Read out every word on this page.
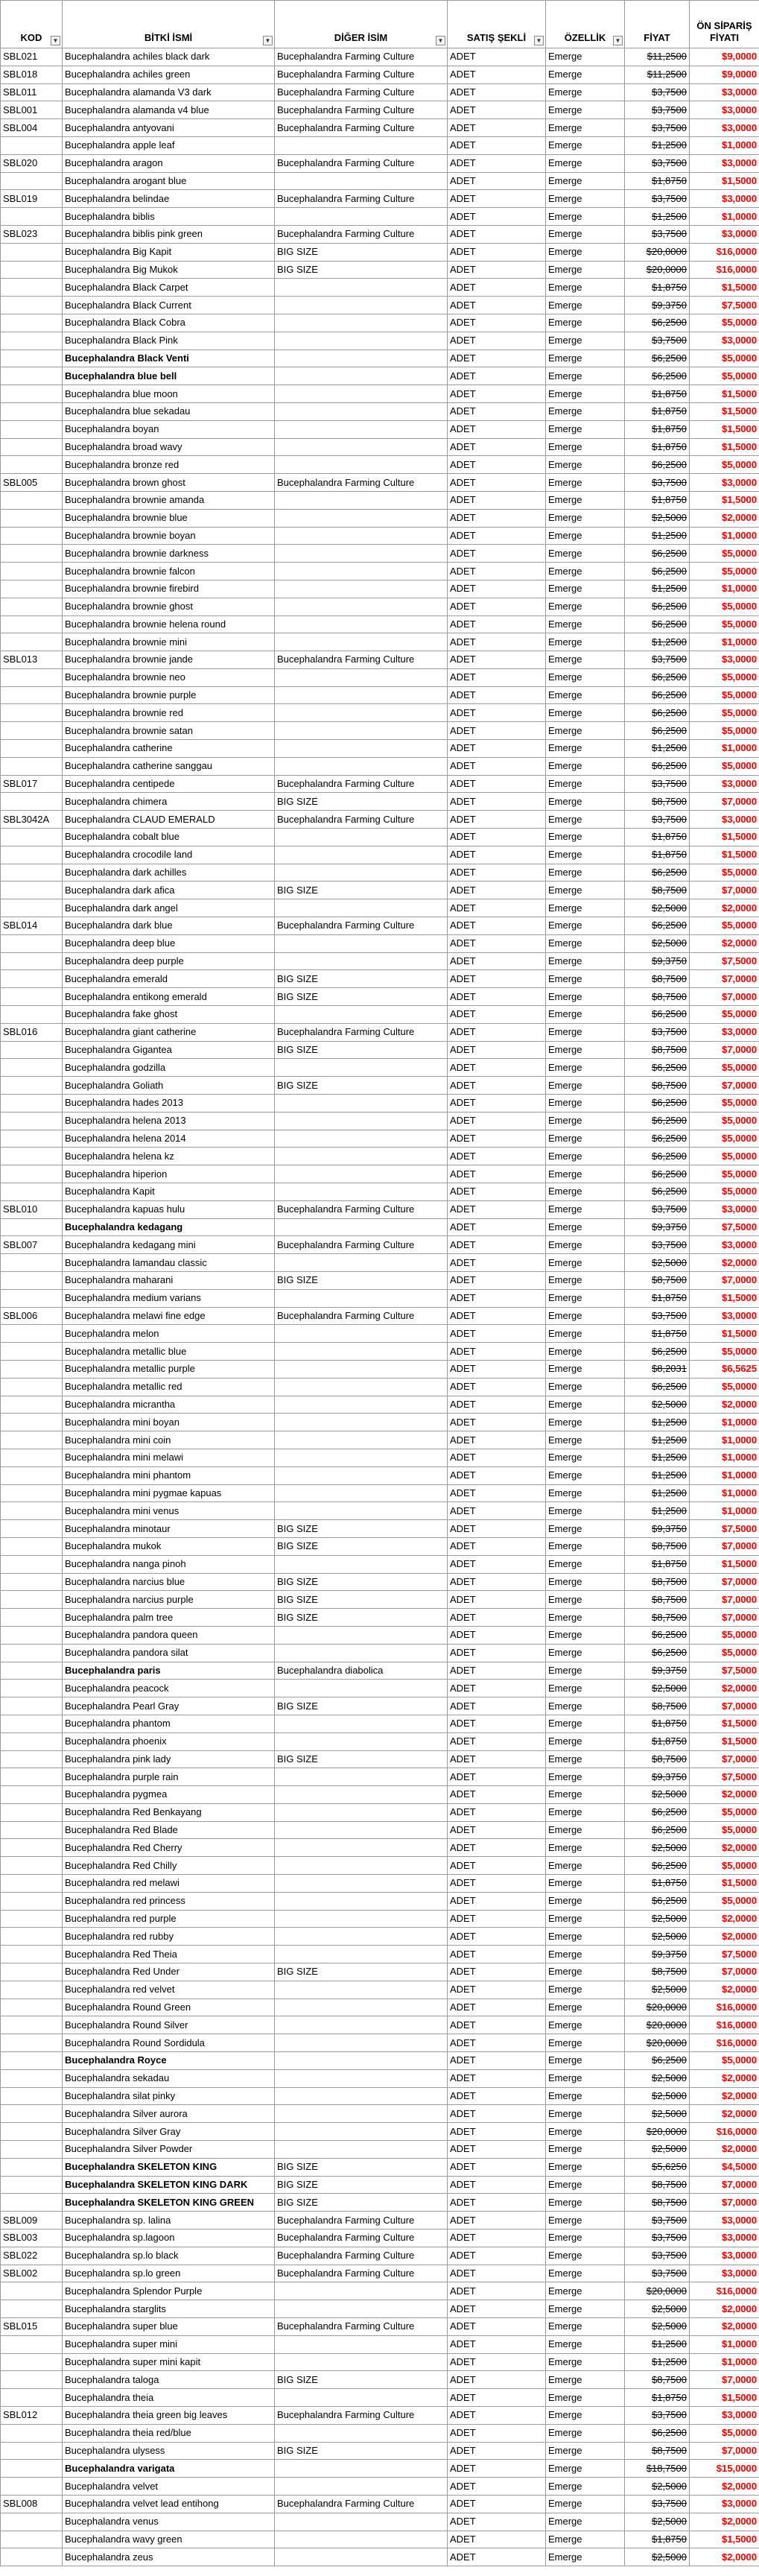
KOD ▼	BİTKİ İSMİ ▼	DİĞER İSİM ▼	SATIŞ ŞEKLİ ▼	ÖZELLİK ▼	FİYAT	ÖN SİPARİŞ FİYATI
SBL021	Bucephalandra achiles black dark	Bucephalandra Farming Culture	ADET	Emerge	$11,2500	$9,0000
SBL018	Bucephalandra achiles green	Bucephalandra Farming Culture	ADET	Emerge	$11,2500	$9,0000
SBL011	Bucephalandra alamanda V3 dark	Bucephalandra Farming Culture	ADET	Emerge	$3,7500	$3,0000
SBL001	Bucephalandra alamanda v4 blue	Bucephalandra Farming Culture	ADET	Emerge	$3,7500	$3,0000
SBL004	Bucephalandra antyovani	Bucephalandra Farming Culture	ADET	Emerge	$3,7500	$3,0000
	Bucephalandra apple leaf		ADET	Emerge	$1,2500	$1,0000
SBL020	Bucephalandra aragon	Bucephalandra Farming Culture	ADET	Emerge	$3,7500	$3,0000
	Bucephalandra arogant blue		ADET	Emerge	$1,8750	$1,5000
SBL019	Bucephalandra belindae	Bucephalandra Farming Culture	ADET	Emerge	$3,7500	$3,0000
	Bucephalandra biblis		ADET	Emerge	$1,2500	$1,0000
SBL023	Bucephalandra biblis pink green	Bucephalandra Farming Culture	ADET	Emerge	$3,7500	$3,0000
	Bucephalandra Big Kapit	BIG SIZE	ADET	Emerge	$20,0000	$16,0000
	Bucephalandra Big Mukok	BIG SIZE	ADET	Emerge	$20,0000	$16,0000
	Bucephalandra Black Carpet		ADET	Emerge	$1,8750	$1,5000
	Bucephalandra Black Current		ADET	Emerge	$9,3750	$7,5000
	Bucephalandra Black Cobra		ADET	Emerge	$6,2500	$5,0000
	Bucephalandra Black Pink		ADET	Emerge	$3,7500	$3,0000
	Bucephalandra Black Venti		ADET	Emerge	$6,2500	$5,0000
	Bucephalandra blue bell		ADET	Emerge	$6,2500	$5,0000
	Bucephalandra blue moon		ADET	Emerge	$1,8750	$1,5000
	Bucephalandra blue sekadau		ADET	Emerge	$1,8750	$1,5000
	Bucephalandra boyan		ADET	Emerge	$1,8750	$1,5000
	Bucephalandra broad wavy		ADET	Emerge	$1,8750	$1,5000
	Bucephalandra bronze red		ADET	Emerge	$6,2500	$5,0000
SBL005	Bucephalandra brown ghost	Bucephalandra Farming Culture	ADET	Emerge	$3,7500	$3,0000
	Bucephalandra brownie amanda		ADET	Emerge	$1,8750	$1,5000
	Bucephalandra brownie blue		ADET	Emerge	$2,5000	$2,0000
	Bucephalandra brownie boyan		ADET	Emerge	$1,2500	$1,0000
	Bucephalandra brownie darkness		ADET	Emerge	$6,2500	$5,0000
	Bucephalandra brownie falcon		ADET	Emerge	$6,2500	$5,0000
	Bucephalandra brownie firebird		ADET	Emerge	$1,2500	$1,0000
	Bucephalandra brownie ghost		ADET	Emerge	$6,2500	$5,0000
	Bucephalandra brownie helena round		ADET	Emerge	$6,2500	$5,0000
	Bucephalandra brownie mini		ADET	Emerge	$1,2500	$1,0000
SBL013	Bucephalandra brownie jande	Bucephalandra Farming Culture	ADET	Emerge	$3,7500	$3,0000
	Bucephalandra brownie neo		ADET	Emerge	$6,2500	$5,0000
	Bucephalandra brownie purple		ADET	Emerge	$6,2500	$5,0000
	Bucephalandra brownie red		ADET	Emerge	$6,2500	$5,0000
	Bucephalandra brownie satan		ADET	Emerge	$6,2500	$5,0000
	Bucephalandra catherine		ADET	Emerge	$1,2500	$1,0000
	Bucephalandra catherine sanggau		ADET	Emerge	$6,2500	$5,0000
SBL017	Bucephalandra centipede	Bucephalandra Farming Culture	ADET	Emerge	$3,7500	$3,0000
	Bucephalandra chimera	BIG SIZE	ADET	Emerge	$8,7500	$7,0000
SBL3042A	Bucephalandra CLAUD EMERALD	Bucephalandra Farming Culture	ADET	Emerge	$3,7500	$3,0000
	Bucephalandra cobalt blue		ADET	Emerge	$1,8750	$1,5000
	Bucephalandra crocodile land		ADET	Emerge	$1,8750	$1,5000
	Bucephalandra dark achilles		ADET	Emerge	$6,2500	$5,0000
	Bucephalandra dark afica	BIG SIZE	ADET	Emerge	$8,7500	$7,0000
	Bucephalandra dark angel		ADET	Emerge	$2,5000	$2,0000
SBL014	Bucephalandra dark blue	Bucephalandra Farming Culture	ADET	Emerge	$6,2500	$5,0000
	Bucephalandra deep blue		ADET	Emerge	$2,5000	$2,0000
	Bucephalandra deep purple		ADET	Emerge	$9,3750	$7,5000
	Bucephalandra emerald	BIG SIZE	ADET	Emerge	$8,7500	$7,0000
	Bucephalandra entikong emerald	BIG SIZE	ADET	Emerge	$8,7500	$7,0000
	Bucephalandra fake ghost		ADET	Emerge	$6,2500	$5,0000
SBL016	Bucephalandra giant catherine	Bucephalandra Farming Culture	ADET	Emerge	$3,7500	$3,0000
	Bucephalandra Gigantea	BIG SIZE	ADET	Emerge	$8,7500	$7,0000
	Bucephalandra godzilla		ADET	Emerge	$6,2500	$5,0000
	Bucephalandra Goliath	BIG SIZE	ADET	Emerge	$8,7500	$7,0000
	Bucephalandra hades 2013		ADET	Emerge	$6,2500	$5,0000
	Bucephalandra helena 2013		ADET	Emerge	$6,2500	$5,0000
	Bucephalandra helena 2014		ADET	Emerge	$6,2500	$5,0000
	Bucephalandra helena kz		ADET	Emerge	$6,2500	$5,0000
	Bucephalandra hiperion		ADET	Emerge	$6,2500	$5,0000
	Bucephalandra Kapit		ADET	Emerge	$6,2500	$5,0000
SBL010	Bucephalandra kapuas hulu	Bucephalandra Farming Culture	ADET	Emerge	$3,7500	$3,0000
	Bucephalandra kedagang		ADET	Emerge	$9,3750	$7,5000
SBL007	Bucephalandra kedagang mini	Bucephalandra Farming Culture	ADET	Emerge	$3,7500	$3,0000
	Bucephalandra lamandau classic		ADET	Emerge	$2,5000	$2,0000
	Bucephalandra maharani	BIG SIZE	ADET	Emerge	$8,7500	$7,0000
	Bucephalandra medium varians		ADET	Emerge	$1,8750	$1,5000
SBL006	Bucephalandra melawi fine edge	Bucephalandra Farming Culture	ADET	Emerge	$3,7500	$3,0000
	Bucephalandra melon		ADET	Emerge	$1,8750	$1,5000
	Bucephalandra metallic blue		ADET	Emerge	$6,2500	$5,0000
	Bucephalandra metallic purple		ADET	Emerge	$8,2031	$6,5625
	Bucephalandra metallic red		ADET	Emerge	$6,2500	$5,0000
	Bucephalandra micrantha		ADET	Emerge	$2,5000	$2,0000
	Bucephalandra mini boyan		ADET	Emerge	$1,2500	$1,0000
	Bucephalandra mini coin		ADET	Emerge	$1,2500	$1,0000
	Bucephalandra mini melawi		ADET	Emerge	$1,2500	$1,0000
	Bucephalandra mini phantom		ADET	Emerge	$1,2500	$1,0000
	Bucephalandra mini pygmae kapuas		ADET	Emerge	$1,2500	$1,0000
	Bucephalandra mini venus		ADET	Emerge	$1,2500	$1,0000
	Bucephalandra minotaur	BIG SIZE	ADET	Emerge	$9,3750	$7,5000
	Bucephalandra mukok	BIG SIZE	ADET	Emerge	$8,7500	$7,0000
	Bucephalandra nanga pinoh		ADET	Emerge	$1,8750	$1,5000
	Bucephalandra narcius blue	BIG SIZE	ADET	Emerge	$8,7500	$7,0000
	Bucephalandra narcius purple	BIG SIZE	ADET	Emerge	$8,7500	$7,0000
	Bucephalandra palm tree	BIG SIZE	ADET	Emerge	$8,7500	$7,0000
	Bucephalandra pandora queen		ADET	Emerge	$6,2500	$5,0000
	Bucephalandra pandora silat		ADET	Emerge	$6,2500	$5,0000
	Bucephalandra paris	Bucephalandra diabolica	ADET	Emerge	$9,3750	$7,5000
	Bucephalandra peacock		ADET	Emerge	$2,5000	$2,0000
	Bucephalandra Pearl Gray	BIG SIZE	ADET	Emerge	$8,7500	$7,0000
	Bucephalandra phantom		ADET	Emerge	$1,8750	$1,5000
	Bucephalandra phoenix		ADET	Emerge	$1,8750	$1,5000
	Bucephalandra pink lady	BIG SIZE	ADET	Emerge	$8,7500	$7,0000
	Bucephalandra purple rain		ADET	Emerge	$9,3750	$7,5000
	Bucephalandra pygmea		ADET	Emerge	$2,5000	$2,0000
	Bucephalandra Red Benkayang		ADET	Emerge	$6,2500	$5,0000
	Bucephalandra Red Blade		ADET	Emerge	$6,2500	$5,0000
	Bucephalandra Red Cherry		ADET	Emerge	$2,5000	$2,0000
	Bucephalandra Red Chilly		ADET	Emerge	$6,2500	$5,0000
	Bucephalandra red melawi		ADET	Emerge	$1,8750	$1,5000
	Bucephalandra red princess		ADET	Emerge	$6,2500	$5,0000
	Bucephalandra red purple		ADET	Emerge	$2,5000	$2,0000
	Bucephalandra red rubby		ADET	Emerge	$2,5000	$2,0000
	Bucephalandra Red Theia		ADET	Emerge	$9,3750	$7,5000
	Bucephalandra Red Under	BIG SIZE	ADET	Emerge	$8,7500	$7,0000
	Bucephalandra red velvet		ADET	Emerge	$2,5000	$2,0000
	Bucephalandra Round Green		ADET	Emerge	$20,0000	$16,0000
	Bucephalandra Round Silver		ADET	Emerge	$20,0000	$16,0000
	Bucephalandra Round Sordidula		ADET	Emerge	$20,0000	$16,0000
	Bucephalandra Royce		ADET	Emerge	$6,2500	$5,0000
	Bucephalandra sekadau		ADET	Emerge	$2,5000	$2,0000
	Bucephalandra silat pinky		ADET	Emerge	$2,5000	$2,0000
	Bucephalandra Silver aurora		ADET	Emerge	$2,5000	$2,0000
	Bucephalandra Silver Gray		ADET	Emerge	$20,0000	$16,0000
	Bucephalandra Silver Powder		ADET	Emerge	$2,5000	$2,0000
	Bucephalandra SKELETON KING	BIG SIZE	ADET	Emerge	$5,6250	$4,5000
	Bucephalandra SKELETON KING DARK	BIG SIZE	ADET	Emerge	$8,7500	$7,0000
	Bucephalandra SKELETON KING GREEN	BIG SIZE	ADET	Emerge	$8,7500	$7,0000
SBL009	Bucephalandra sp. lalina	Bucephalandra Farming Culture	ADET	Emerge	$3,7500	$3,0000
SBL003	Bucephalandra sp.lagoon	Bucephalandra Farming Culture	ADET	Emerge	$3,7500	$3,0000
SBL022	Bucephalandra sp.lo black	Bucephalandra Farming Culture	ADET	Emerge	$3,7500	$3,0000
SBL002	Bucephalandra sp.lo green	Bucephalandra Farming Culture	ADET	Emerge	$3,7500	$3,0000
	Bucephalandra Splendor Purple		ADET	Emerge	$20,0000	$16,0000
	Bucephalandra starglits		ADET	Emerge	$2,5000	$2,0000
SBL015	Bucephalandra super blue	Bucephalandra Farming Culture	ADET	Emerge	$2,5000	$2,0000
	Bucephalandra super mini		ADET	Emerge	$1,2500	$1,0000
	Bucephalandra super mini kapit		ADET	Emerge	$1,2500	$1,0000
	Bucephalandra taloga	BIG SIZE	ADET	Emerge	$8,7500	$7,0000
	Bucephalandra theia		ADET	Emerge	$1,8750	$1,5000
SBL012	Bucephalandra theia green big leaves	Bucephalandra Farming Culture	ADET	Emerge	$3,7500	$3,0000
	Bucephalandra theia red/blue		ADET	Emerge	$6,2500	$5,0000
	Bucephalandra ulysess	BIG SIZE	ADET	Emerge	$8,7500	$7,0000
	Bucephalandra varigata		ADET	Emerge	$18,7500	$15,0000
	Bucephalandra velvet		ADET	Emerge	$2,5000	$2,0000
SBL008	Bucephalandra velvet lead entihong	Bucephalandra Farming Culture	ADET	Emerge	$3,7500	$3,0000
	Bucephalandra venus		ADET	Emerge	$2,5000	$2,0000
	Bucephalandra wavy green		ADET	Emerge	$1,8750	$1,5000
	Bucephalandra zeus		ADET	Emerge	$2,5000	$2,0000
